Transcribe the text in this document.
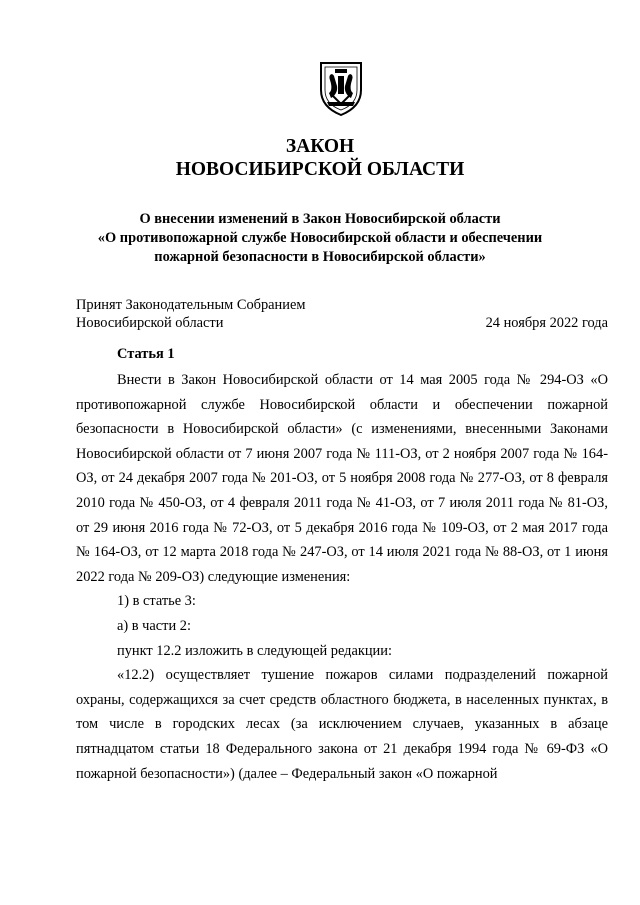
ЗАКОН
НОВОСИБИРСКОЙ ОБЛАСТИ
О внесении изменений в Закон Новосибирской области
«О противопожарной службе Новосибирской области и обеспечении
пожарной безопасности в Новосибирской области»
Принят Законодательным Собранием
Новосибирской области	24 ноября 2022 года
Статья 1

Внести в Закон Новосибирской области от 14 мая 2005 года № 294-ОЗ «О противопожарной службе Новосибирской области и обеспечении пожарной безопасности в Новосибирской области» (с изменениями, внесенными Законами Новосибирской области от 7 июня 2007 года № 111-ОЗ, от 2 ноября 2007 года № 164-ОЗ, от 24 декабря 2007 года № 201-ОЗ, от 5 ноября 2008 года № 277-ОЗ, от 8 февраля 2010 года № 450-ОЗ, от 4 февраля 2011 года № 41-ОЗ, от 7 июля 2011 года № 81-ОЗ, от 29 июня 2016 года № 72-ОЗ, от 5 декабря 2016 года № 109-ОЗ, от 2 мая 2017 года № 164-ОЗ, от 12 марта 2018 года № 247-ОЗ, от 14 июля 2021 года № 88-ОЗ, от 1 июня 2022 года № 209-ОЗ) следующие изменения:

1) в статье 3:

а) в части 2:

пункт 12.2 изложить в следующей редакции:

«12.2) осуществляет тушение пожаров силами подразделений пожарной охраны, содержащихся за счет средств областного бюджета, в населенных пунктах, в том числе в городских лесах (за исключением случаев, указанных в абзаце пятнадцатом статьи 18 Федерального закона от 21 декабря 1994 года № 69-ФЗ «О пожарной безопасности») (далее – Федеральный закон «О пожарной
